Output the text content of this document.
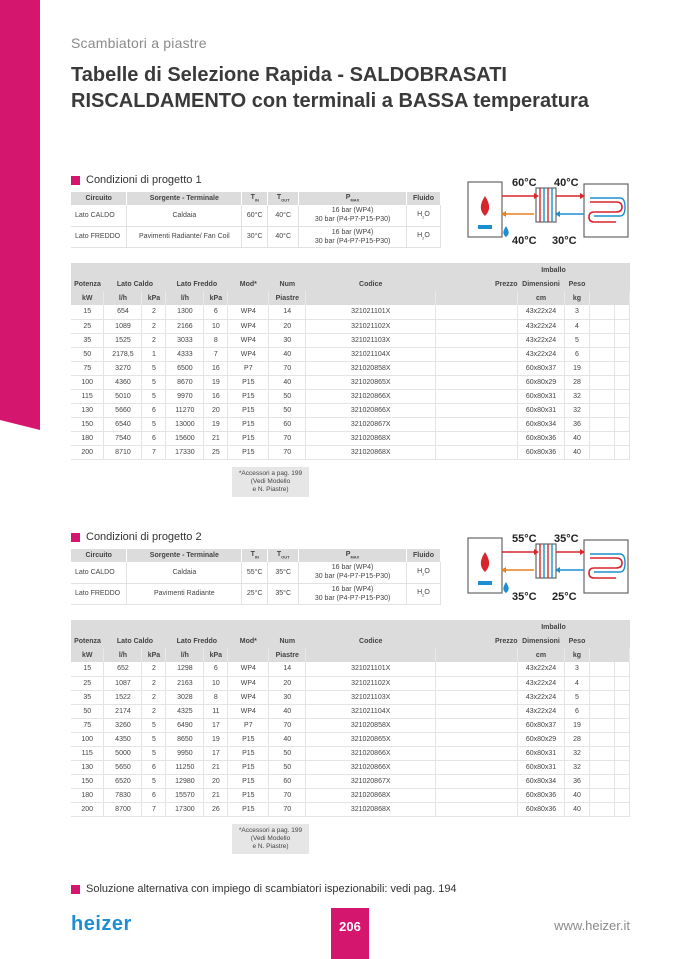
Scambiatori a piastre
Tabelle di Selezione Rapida - SALDOBRASATI RISCALDAMENTO con terminali a BASSA temperatura
Condizioni di progetto 1
Circuito	Sorgente - Terminale	$T_{IN}$	$T_{OUT}$	$P_{MAX}$	Fluido
Lato CALDO	Caldaia	60°C	40°C	16 bar (WP4)
30 bar (P4-P7-P15-P30)	$H_2O$
Lato FREDDO	Pavimenti Radiante/ Fan Coil	30°C	40°C	16 bar (WP4)
30 bar (P4-P7-P15-P30)	$H_2O$
60°C 40°C
40°C 30°C
									Imballo			
Potenza	Lato Caldo		Lato Freddo		Mod*	Num	Codice	Prezzo	Dimensioni	Peso		
kW	l/h	kPa	l/h	kPa		Piastre			cm	kg		
15	654	2	1300	6	WP4	14	321021101X		43x22x24	3		
25	1089	2	2166	10	WP4	20	321021102X		43x22x24	4		
35	1525	2	3033	8	WP4	30	321021103X		43x22x24	5		
50	2178,5	1	4333	7	WP4	40	321021104X		43x22x24	6		
75	3270	5	6500	16	P7	70	321020858X		60x80x37	19		
100	4360	5	8670	19	P15	40	321020865X		60x80x29	28		
115	5010	5	9970	16	P15	50	321020866X		60x80x31	32		
130	5660	6	11270	20	P15	50	321020866X		60x80x31	32		
150	6540	5	13000	19	P15	60	321020867X		60x80x34	36		
180	7540	6	15600	21	P15	70	321020868X		60x80x36	40		
200	8710	7	17330	25	P15	70	321020868X		60x80x36	40		
*Accessori a pag. 199
(Vedi Modello
e N. Piastre)
Condizioni di progetto 2
Circuito	Sorgente - Terminale	$T_{IN}$	$T_{OUT}$	$P_{MAX}$	Fluido
Lato CALDO	Caldaia	55°C	35°C	16 bar (WP4)
30 bar (P4-P7-P15-P30)	$H_2O$
Lato FREDDO	Pavimenti Radiante	25°C	35°C	16 bar (WP4)
30 bar (P4-P7-P15-P30)	$H_2O$
55°C 35°C
35°C 25°C
									Imballo			
Potenza	Lato Caldo		Lato Freddo		Mod*	Num	Codice	Prezzo	Dimensioni	Peso		
kW	l/h	kPa	l/h	kPa		Piastre			cm	kg		
15	652	2	1298	6	WP4	14	321021101X		43x22x24	3		
25	1087	2	2163	10	WP4	20	321021102X		43x22x24	4		
35	1522	2	3028	8	WP4	30	321021103X		43x22x24	5		
50	2174	2	4325	11	WP4	40	321021104X		43x22x24	6		
75	3260	5	6490	17	P7	70	321020858X		60x80x37	19		
100	4350	5	8650	19	P15	40	321020865X		60x80x29	28		
115	5000	5	9950	17	P15	50	321020866X		60x80x31	32		
130	5650	6	11250	21	P15	50	321020866X		60x80x31	32		
150	6520	5	12980	20	P15	60	321020867X		60x80x34	36		
180	7830	6	15570	21	P15	70	321020868X		60x80x36	40		
200	8700	7	17300	26	P15	70	321020868X		60x80x36	40		
*Accessori a pag. 199
(Vedi Modello
e N. Piastre)
Soluzione alternativa con impiego di scambiatori ispezionabili: vedi pag. 194
heizer	206	www.heizer.it
